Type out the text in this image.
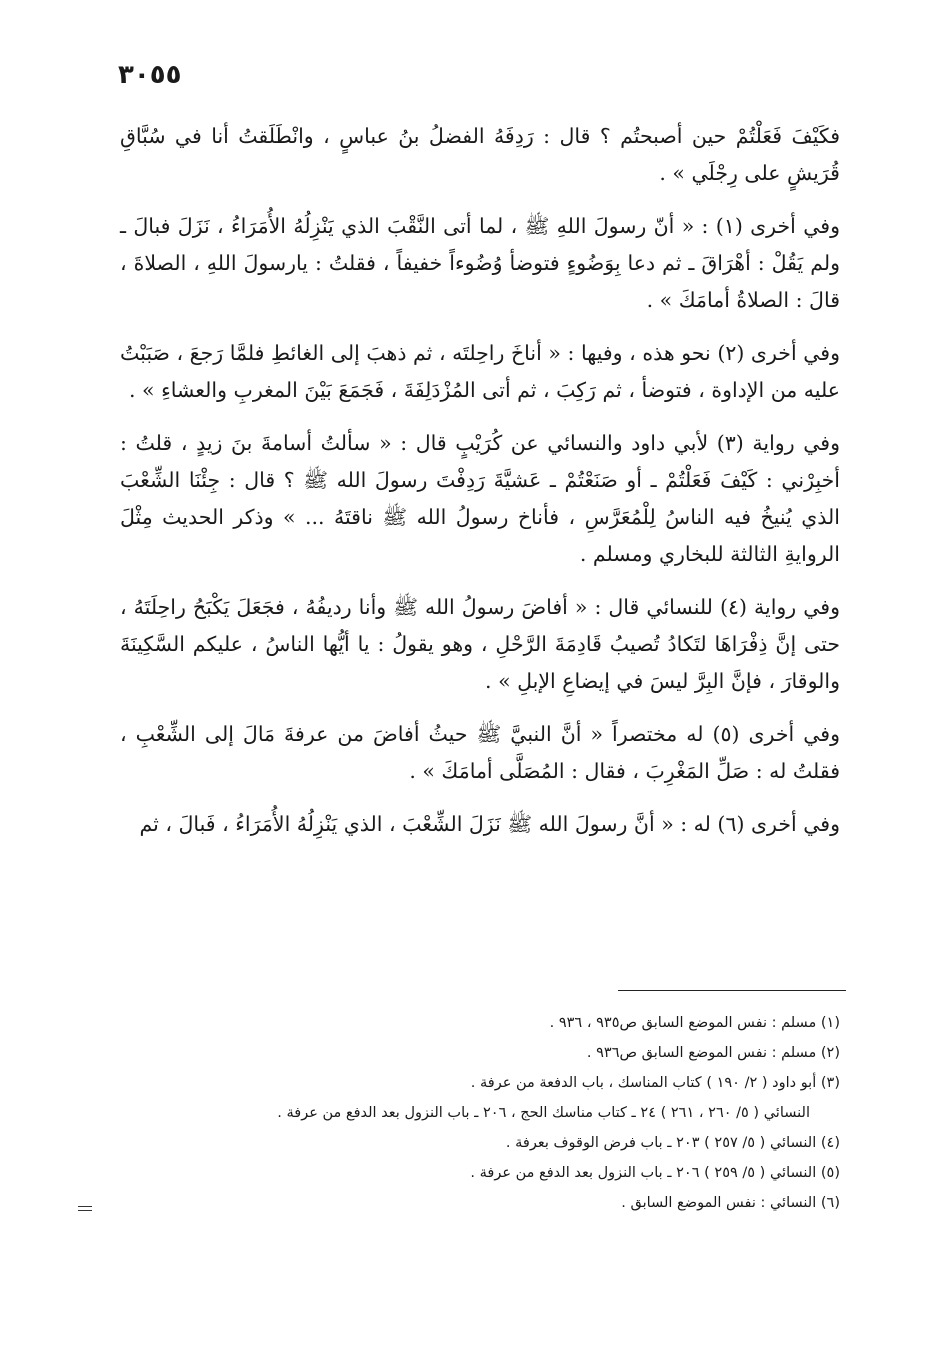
٣٠٥٥

فكَيْفَ فَعَلْتُمْ حين أصبحتُم ؟ قال : رَدِفَهُ الفضلُ بنُ عباسٍ ، وانْطَلَقتُ أنا في سُبَّاقِ قُرَيشٍ على رِجْلَي » .

وفي أخرى (١) : « أنّ رسولَ اللهِ ﷺ ، لما أتى النَّقْبَ الذي يَنْزِلُهُ الأُمَرَاءُ ، نَزَلَ فبالَ ـ ولم يَقُلْ : أهْرَاقَ ـ ثم دعا بِوَضُوءٍ فتوضأ وُضُوءاً خفيفاً ، فقلتُ : يارسولَ اللهِ ، الصلاةَ ، قالَ : الصلاةُ أمامَكَ » .

وفي أخرى (٢) نحو هذه ، وفيها : « أناخَ راحِلتَه ، ثم ذهبَ إلى الغائطِ فلمَّا رَجعَ ، صَبَبْتُ عليه من الإداوة ، فتوضأ ، ثم رَكِبَ ، ثم أتى المُزْدَلِفَةَ ، فَجَمَعَ بَيْنَ المغربِ والعشاءِ » .

وفي رواية (٣) لأبي داود والنسائي عن كُرَيْبٍ قال : « سألتُ أسامةَ بنَ زيدٍ ، قلتُ : أخبِرْني : كَيْفَ فَعَلْتُمْ ـ أو صَنَعْتُمْ ـ عَشيَّةَ رَدِفْتَ رسولَ الله ﷺ ؟ قال : جِئْنَا الشِّعْبَ الذي يُنيخُ فيه الناسُ لِلْمُعَرَّسِ ، فأناخ رسولُ الله ﷺ ناقتَهُ ... » وذكر الحديث مِثْلَ الروايةِ الثالثة للبخاري ومسلم .

وفي رواية (٤) للنسائي قال : « أفاضَ رسولُ الله ﷺ وأنا رديفُهُ ، فجَعَلَ يَكْبَحُ راحِلَتَهُ ، حتى إنَّ ذِفْرَاهَا لتَكادُ تُصيبُ قَادِمَةَ الرَّحْلِ ، وهو يقولُ : يا أيُّها الناسُ ، عليكم السَّكِينَةَ والوقارَ ، فإنَّ البِرَّ ليسَ في إيضاعِ الإبلِ » .

وفي أخرى (٥) له مختصراً « أنَّ النبيَّ ﷺ حيثُ أفاضَ من عرفةَ مَالَ إلى الشِّعْبِ ، فقلتُ له : صَلِّ المَغْرِبَ ، فقال : المُصَلَّى أمامَكَ » .

وفي أخرى (٦) له : « أنَّ رسولَ الله ﷺ نَزَلَ الشِّعْبَ ، الذي يَنْزِلُهُ الأُمَرَاءُ ، فَبالَ ، ثم

(١) مسلم : نفس الموضع السابق ص٩٣٥ ، ٩٣٦ .

(٢) مسلم : نفس الموضع السابق ص٩٣٦ .

(٣) أبو داود ( ٢/ ١٩٠ ) كتاب المناسك ، باب الدفعة من عرفة .

النسائي ( ٥/ ٢٦٠ ، ٢٦١ ) ٢٤ ـ كتاب مناسك الحج ، ٢٠٦ ـ باب النزول بعد الدفع من عرفة .

(٤) النسائي ( ٥/ ٢٥٧ ) ٢٠٣ ـ باب فرض الوقوف بعرفة .

(٥) النسائي ( ٥/ ٢٥٩ ) ٢٠٦ ـ باب النزول بعد الدفع من عرفة .

(٦) النسائي : نفس الموضع السابق .
